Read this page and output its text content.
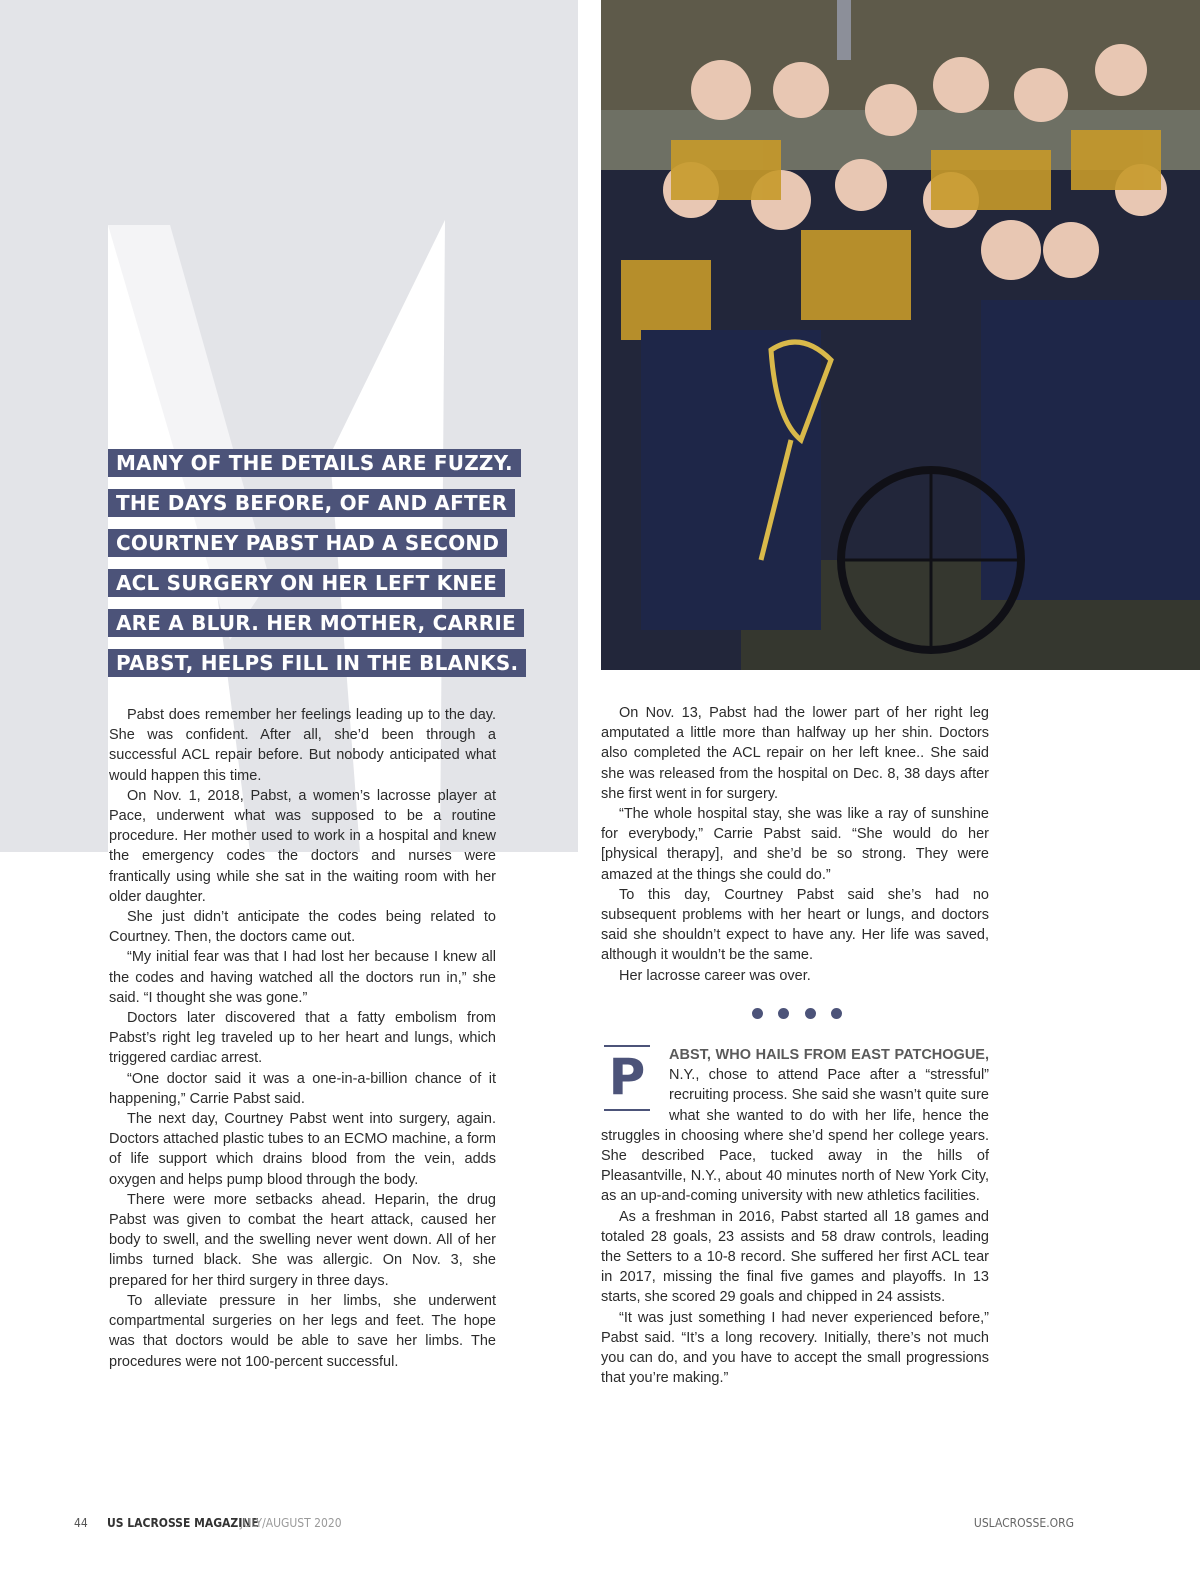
MANY OF THE DETAILS ARE FUZZY.
THE DAYS BEFORE, OF AND AFTER
COURTNEY PABST HAD A SECOND
ACL SURGERY ON HER LEFT KNEE
ARE A BLUR. HER MOTHER, CARRIE
PABST, HELPS FILL IN THE BLANKS.

Pabst does remember her feelings leading up to the day. She was confident. After all, she’d been through a successful ACL repair before. But nobody anticipated what would happen this time.

On Nov. 1, 2018, Pabst, a women’s lacrosse player at Pace, underwent what was supposed to be a routine procedure. Her mother used to work in a hospital and knew the emergency codes the doctors and nurses were frantically using while she sat in the waiting room with her older daughter.

She just didn’t anticipate the codes being related to Courtney. Then, the doctors came out.

“My initial fear was that I had lost her because I knew all the codes and having watched all the doctors run in,” she said. “I thought she was gone.”

Doctors later discovered that a fatty embolism from Pabst’s right leg traveled up to her heart and lungs, which triggered cardiac arrest.

“One doctor said it was a one-in-a-billion chance of it happening,” Carrie Pabst said.

The next day, Courtney Pabst went into surgery, again. Doctors attached plastic tubes to an ECMO machine, a form of life support which drains blood from the vein, adds oxygen and helps pump blood through the body.

There were more setbacks ahead. Heparin, the drug Pabst was given to combat the heart attack, caused her body to swell, and the swelling never went down. All of her limbs turned black. She was allergic. On Nov. 3, she prepared for her third surgery in three days.

To alleviate pressure in her limbs, she underwent compartmental surgeries on her legs and feet. The hope was that doctors would be able to save her limbs. The procedures were not 100-percent successful.

On Nov. 13, Pabst had the lower part of her right leg amputated a little more than halfway up her shin. Doctors also completed the ACL repair on her left knee.. She said she was released from the hospital on Dec. 8, 38 days after she first went in for surgery.

“The whole hospital stay, she was like a ray of sunshine for everybody,” Carrie Pabst said. “She would do her [physical therapy], and she’d be so strong. They were amazed at the things she could do.”

To this day, Courtney Pabst said she’s had no subsequent problems with her heart or lungs, and doctors said she shouldn’t expect to have any. Her life was saved, although it wouldn’t be the same.

Her lacrosse career was over.

P	ABST, WHO HAILS FROM EAST PATCHOGUE, N.Y., chose to attend Pace after a “stressful” recruiting process. She said she wasn’t quite sure what she wanted to do with her life, hence the struggles in choosing where she’d spend her college years. She described Pace, tucked away in the hills of Pleasantville, N.Y., about 40 minutes north of New York City, as an up-and-coming university with new athletics facilities.

As a freshman in 2016, Pabst started all 18 games and totaled 28 goals, 23 assists and 58 draw controls, leading the Setters to a 10-8 record. She suffered her first ACL tear in 2017, missing the final five games and playoffs. In 13 starts, she scored 29 goals and chipped in 24 assists.

“It was just something I had never experienced before,” Pabst said. “It’s a long recovery. Initially, there’s not much you can do, and you have to accept the small progressions that you’re making.”

44 US LACROSSE MAGAZINE
JULY/AUGUST 2020	USLACROSSE.ORG
